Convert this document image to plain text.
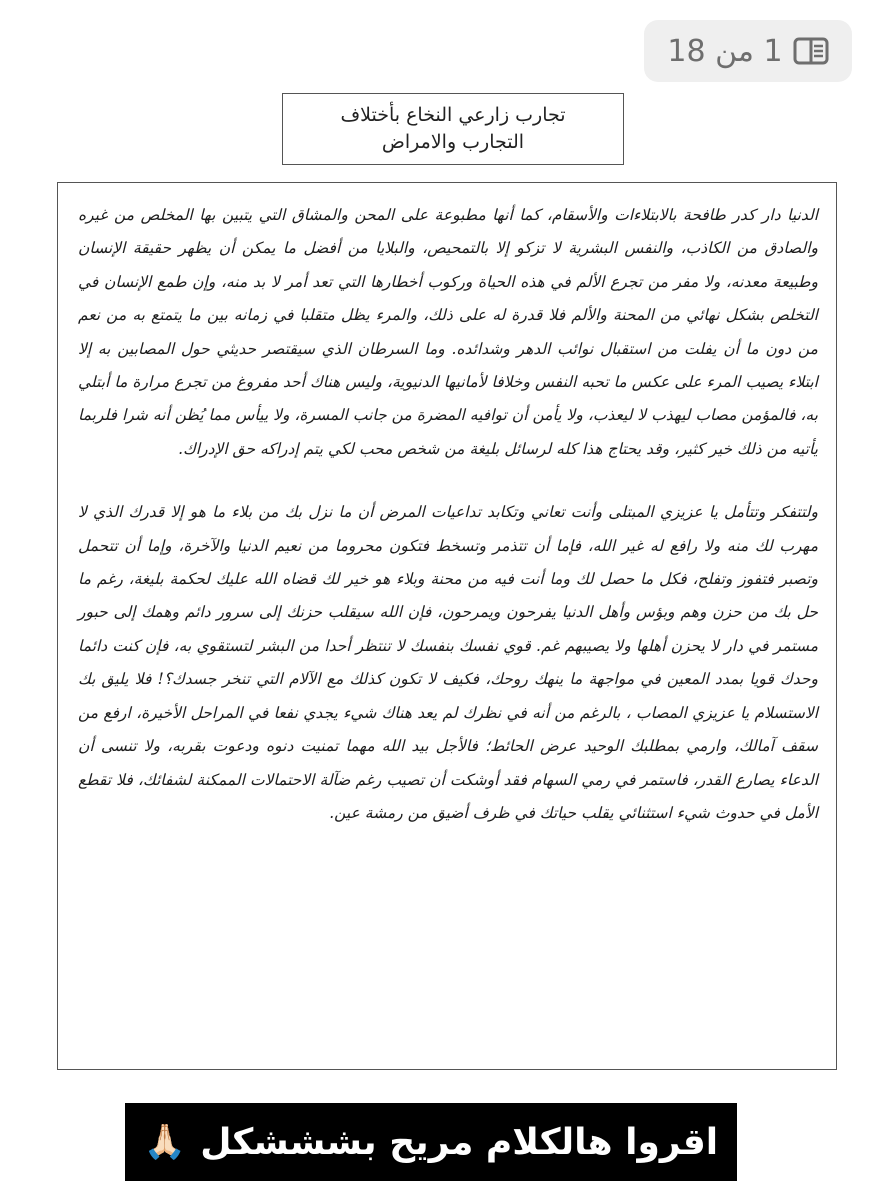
1 من 18
تجارب زارعي النخاع بأختلاف
التجارب والامراض

الدنيا دار كدر طافحة بالابتلاءات والأسقام، كما أنها مطبوعة على المحن والمشاق التي يتبين بها المخلص من غيره والصادق من الكاذب، والنفس البشرية لا تزكو إلا بالتمحيص، والبلايا من أفضل ما يمكن أن يظهر حقيقة الإنسان وطبيعة معدنه، ولا مفر من تجرع الألم في هذه الحياة وركوب أخطارها التي تعد أمر لا بد منه، وإن طمع الإنسان في التخلص بشكل نهائي من المحنة والألم فلا قدرة له على ذلك، والمرء يظل متقلبا في زمانه بين ما يتمتع به من نعم من دون ما أن يفلت من استقبال نوائب الدهر وشدائده. وما السرطان الذي سيقتصر حديثي حول المصابين به إلا ابتلاء يصيب المرء على عكس ما تحبه النفس وخلافا لأمانيها الدنيوية، وليس هناك أحد مفروغ من تجرع مرارة ما أبتلي به، فالمؤمن مصاب ليهذب لا ليعذب، ولا يأمن أن توافيه المضرة من جانب المسرة، ولا ييأس مما يُظن أنه شرا فلربما يأتيه من ذلك خير كثير، وقد يحتاج هذا كله لرسائل بليغة من شخص محب لكي يتم إدراكه حق الإدراك.

ولتتفكر وتتأمل يا عزيزي المبتلى وأنت تعاني وتكابد تداعيات المرض أن ما نزل بك من بلاء ما هو إلا قدرك الذي لا مهرب لك منه ولا رافع له غير الله، فإما أن تتذمر وتسخط فتكون محروما من نعيم الدنيا والآخرة، وإما أن تتحمل وتصبر فتفوز وتفلح، فكل ما حصل لك وما أنت فيه من محنة وبلاء هو خير لك قضاه الله عليك لحكمة بليغة، رغم ما حل بك من حزن وهم وبؤس وأهل الدنيا يفرحون ويمرحون، فإن الله سيقلب حزنك إلى سرور دائم وهمك إلى حبور مستمر في دار لا يحزن أهلها ولا يصيبهم غم. قوي نفسك بنفسك لا تنتظر أحدا من البشر لتستقوي به، فإن كنت دائما وحدك قويا بمدد المعين في مواجهة ما ينهك روحك، فكيف لا تكون كذلك مع الآلام التي تنخر جسدك؟! فلا يليق بك الاستسلام يا عزيزي المصاب ، بالرغم من أنه في نظرك لم يعد هناك شيء يجدي نفعا في المراحل الأخيرة، ارفع من سقف آمالك، وارمي بمطلبك الوحيد عرض الحائط؛ فالأجل بيد الله مهما تمنيت دنوه ودعوت بقربه، ولا تنسى أن الدعاء يصارع القدر، فاستمر في رمي السهام فقد أوشكت أن تصيب رغم ضآلة الاحتمالات الممكنة لشفائك، فلا تقطع الأمل في حدوث شيء استثنائي يقلب حياتك في ظرف أضيق من رمشة عين.

اقروا هالكلام مريح بشششكل
🙏🏻
